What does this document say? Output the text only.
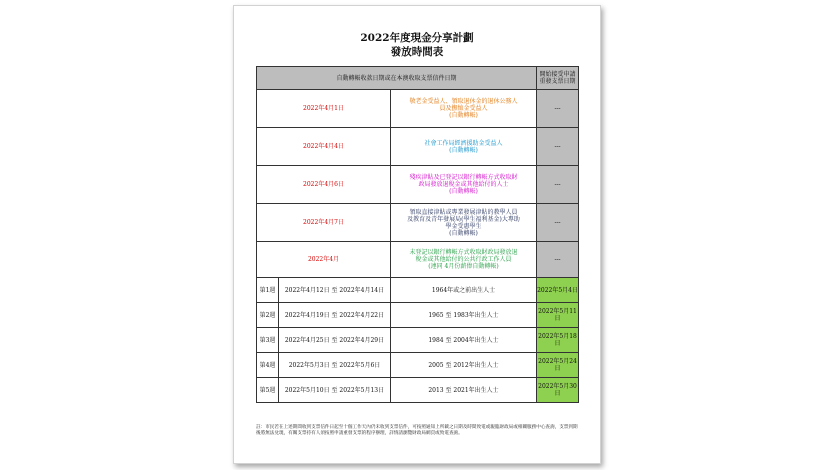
2022年度現金分享計劃
發放時間表
自動轉帳收款日期或在本澳收取支票信件日期			開始接受申請重發支票日期
2022年4月1日		敬老金受益人、領取退休金的退休公務人
員及撫恤金受益人
(自動轉帳)	---
2022年4月4日		社會工作局經濟援助金受益人
(自動轉帳)	---
2022年4月6日		殘疾津貼及已登記以銀行轉帳方式收取財
政局發放退稅金或其他給付的人士
(自動轉帳)	---
2022年4月7日		領取直接津貼或專業發展津貼的教學人員
及教育及青年發展局(學生福利基金)大專助
學金受惠學生
(自動轉帳)	---
2022年4月		未登記以銀行轉帳方式收取財政局發放退
稅金或其他給付的公共行政工作人員
(連同 4月份薪俸自動轉帳)	---
第1週	2022年4月12日 至 2022年4月14日	1964年或之前出生人士	2022年5月4日
第2週	2022年4月19日 至 2022年4月22日	1965 至 1983年出生人士	2022年5月11日
第3週	2022年4月25日 至 2022年4月29日	1984 至 2004年出生人士	2022年5月18日
第4週	2022年5月3日 至 2022年5月6日	2005 至 2012年出生人士	2022年5月24日
第5週	2022年5月10日 至 2022年5月13日	2013 至 2021年出生人士	2022年5月30日
註：市民若在上述期間收到支票信件日起至十個工作天內仍未收到支票信件，可按照通知上所載之日期及時間致電或親臨財政局或相關服務中心查詢，支票到期後將無法兌現，有關支票持有人須按照申請重發支票的程序辦理，詳情請瀏覽財政局網頁或致電查詢。
